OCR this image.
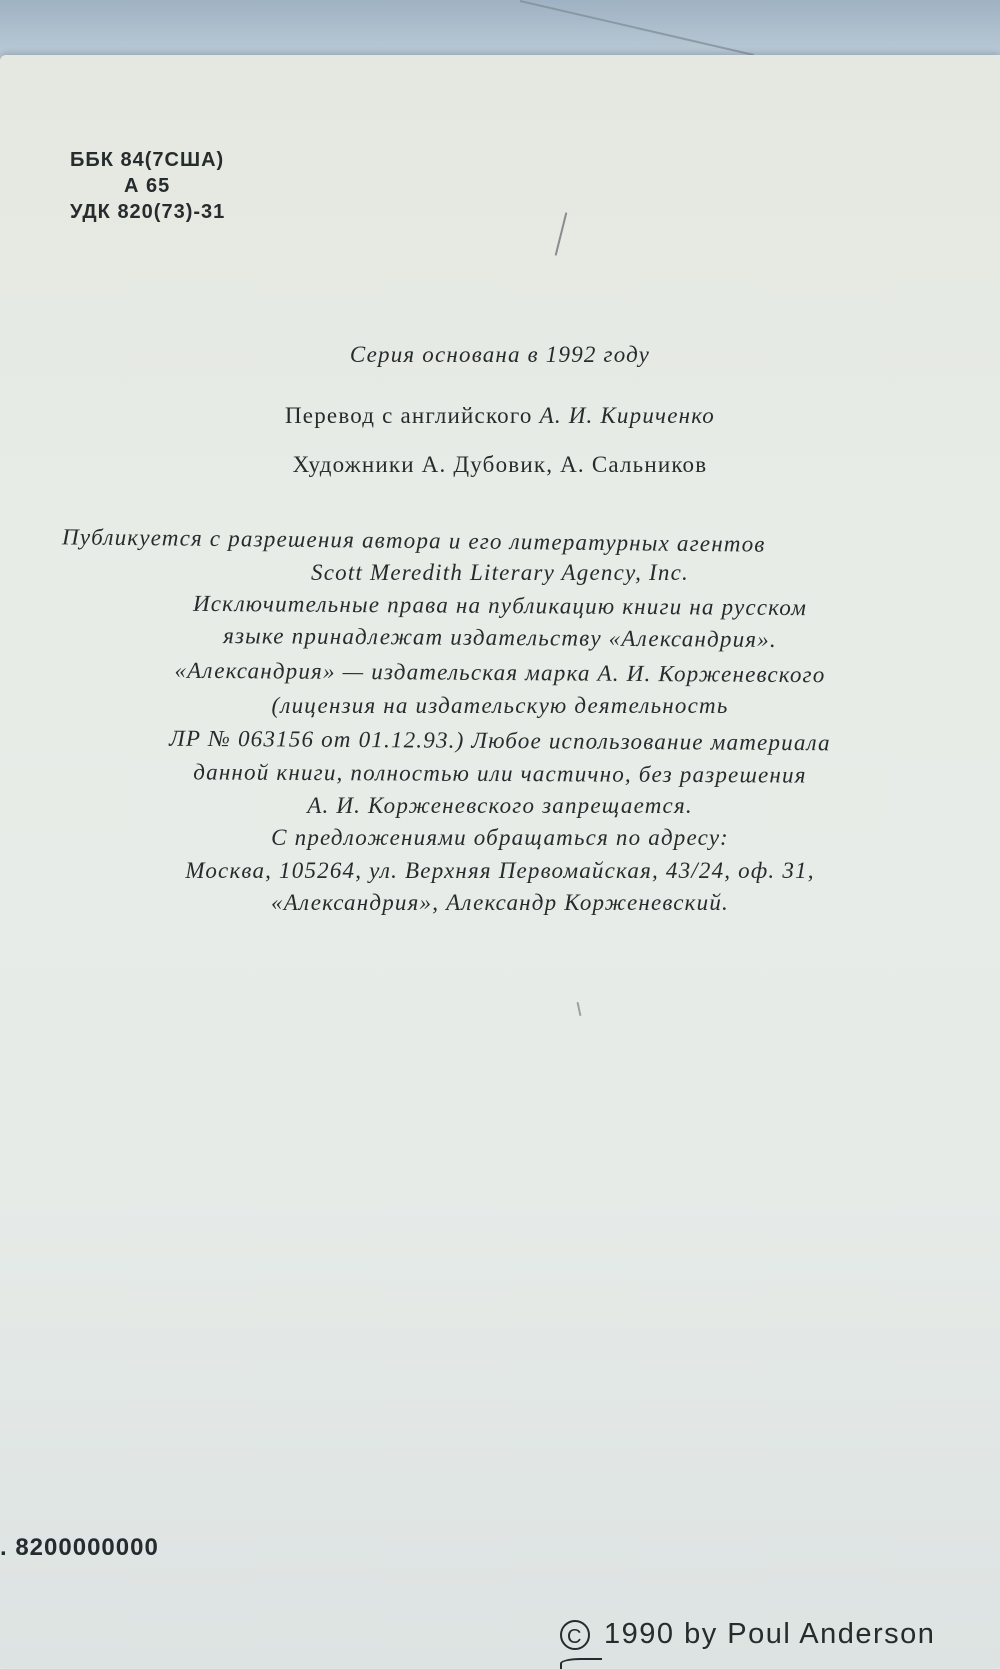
ББК 84(7США)
А 65
УДК 820(73)-31
Серия основана в 1992 году
Перевод с английского А. И. Кириченко
Художники А. Дубовик, А. Сальников
Публикуется с разрешения автора и его литературных агентов
Scott Meredith Literary Agency, Inc.
Исключительные права на публикацию книги на русском
языке принадлежат издательству «Александрия».
«Александрия» — издательская марка А. И. Корженевского
(лицензия на издательскую деятельность
ЛР № 063156 от 01.12.93.) Любое использование материала
данной книги, полностью или частично, без разрешения
А. И. Корженевского запрещается.
С предложениями обращаться по адресу:
Москва, 105264, ул. Верхняя Первомайская, 43/24, оф. 31,
«Александрия», Александр Корженевский.
. 8200000000
C 1990 by Poul Anderson
